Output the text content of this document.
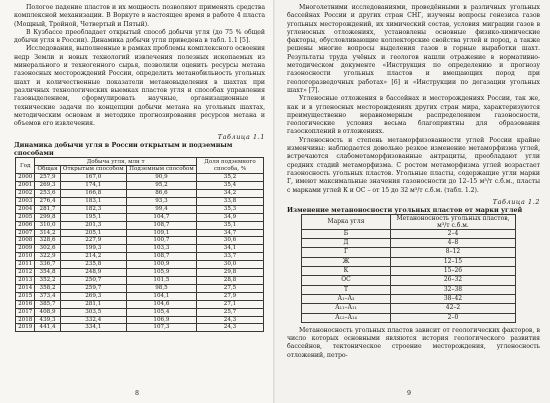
Пологое падение пластов и их мощность позволяют применять средства комплексной механизации. В Воркуте в настоящее время в работе 4 пласта (Мощный, Тройной, Четвертый и Пятый).

В Кузбассе преобладает открытый способ добычи угля (до 75 % общей добычи угля в России). Динамика добычи угля приведена в табл. 1.1 [5].

Исследования, выполненные в рамках проблемы комплексного освоения недр Земли и новых технологий извлечения полезных ископаемых из минерального и техногенного сырья, позволили оценить ресурсы метана газоносных месторождений России, определить метанобильность угольных шахт и количественные показатели метановыделения в шахтах при различных технологических выемках пластов угля и способах управления газовыделением, сформулировать научные, организационные и технические задачи по концепции добычи метана на угольных шахтах, методическим основам и методике прогнозирования ресурсов метана и объемов его извлечения.

Таблица 1.1
Динамика добычи угля в России открытым и подземным способами
Год	Добыча угля, млн т			Доля подземного способа, %
	Общая	Открытым способом	Подземным способом	
2000	257,9	167,0	90,9	35,2
2001	269,3	174,1	95,2	35,4
2002	253,6	166,8	86,6	34,2
2003	276,4	183,1	93,3	33,8
2004	281,7	182,3	99,4	35,3
2005	299,8	195,1	104,7	34,9
2006	310,0	201,3	108,7	35,1
2007	314,2	205,1	109,1	34,7
2008	328,6	227,9	100,7	30,6
2009	302,6	199,3	103,3	34,1
2010	322,9	214,2	108,7	33,7
2011	336,7	235,8	100,9	30,0
2012	354,8	248,9	105,9	29,8
2013	352,2	250,7	101,5	28,8
2014	358,2	259,7	98,5	27,5
2015	373,4	269,3	104,1	27,9
2016	385,7	281,1	104,6	27,1
2017	408,9	303,5	105,4	25,7
2018	439,3	332,4	106,9	24,3
2019	441,4	334,1	107,3	24,3
8

Многолетними исследованиями, проведёнными в различных угольных бассейнах России и других стран СНГ, изучены вопросы генезиса газов угольных месторождений, их химический состав, условия миграции газов в угленосных отложениях, установлены основные физико-химические факторы, обусловливающие коллекторские свойства углей и пород, а также решены многие вопросы выделения газов в горные выработки шахт. Результаты труда учёных и геологов нашли отражение в нормативно-методическом документе «Инструкция по определению и прогнозу газоносности угольных пластов и вмещающих пород при геологоразведочных работах» [6] и «Инструкции по дегазации угольных шахт» [7].

Угленосные отложения в бассейнах и месторождениях России, так же, как и в угленосных месторождениях других стран мира, характеризуются преимущественно неравномерным распределением газоносности, геологические условия весьма благоприятны для образования газоскоплений в отложениях.

Угленосность и степень метаморфизованности углей России крайне изменчивы: наблюдается довольно резкое изменение метаморфизма углей, встречаются слабометаморфизованные антрациты, преобладают угли средних стадий метаморфизма. С ростом метаморфизма углей возрастает газоносность угольных пластов. Угольные пласты, содержащие угли марки Г, имеют максимальные значения газоносности до 12–15 м³/т с.б.м., пласты с марками углей К и ОС – от 15 до 32 м³/т с.б.м. (табл. 1.2).

Таблица 1.2
Изменение метаноносности угольных пластов от марки углей
Марка угля	Метаноносность угольных пластов, м³/т с.б.м.
Б	2–4
Д	4–8
Г	8–12
Ж	12–15
К	15–26
ОС	26–32
Т	32–38
А₁–А₃	38–42
А₁₁–А₁₁	42–2
А₁₂–А₁₄	2–0

Метаноносность угольных пластов зависит от геологических факторов, в число которых основными являются история геологического развития бассейнов, тектоническое строение месторождения, угленосность отложений, петро-

9
